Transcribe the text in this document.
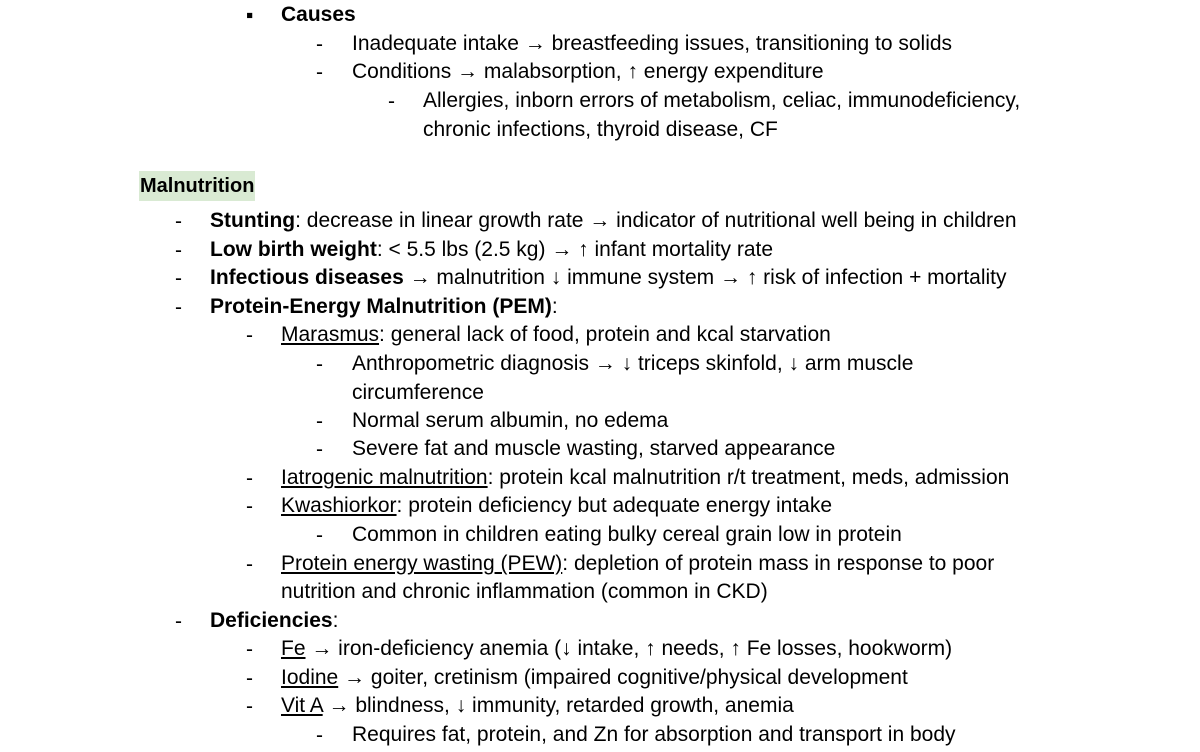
▪ Causes
- Inadequate intake → breastfeeding issues, transitioning to solids
- Conditions → malabsorption, ↑ energy expenditure
- Allergies, inborn errors of metabolism, celiac, immunodeficiency,
chronic infections, thyroid disease, CF
Malnutrition
- Stunting: decrease in linear growth rate → indicator of nutritional well being in children
- Low birth weight: < 5.5 lbs (2.5 kg) → ↑ infant mortality rate
- Infectious diseases → malnutrition ↓ immune system → ↑ risk of infection + mortality
- Protein-Energy Malnutrition (PEM):
- Marasmus: general lack of food, protein and kcal starvation
- Anthropometric diagnosis → ↓ triceps skinfold, ↓ arm muscle
circumference
- Normal serum albumin, no edema
- Severe fat and muscle wasting, starved appearance
- Iatrogenic malnutrition: protein kcal malnutrition r/t treatment, meds, admission
- Kwashiorkor: protein deficiency but adequate energy intake
- Common in children eating bulky cereal grain low in protein
- Protein energy wasting (PEW): depletion of protein mass in response to poor
nutrition and chronic inflammation (common in CKD)
- Deficiencies:
- Fe → iron-deficiency anemia (↓ intake, ↑ needs, ↑ Fe losses, hookworm)
- Iodine → goiter, cretinism (impaired cognitive/physical development
- Vit A → blindness, ↓ immunity, retarded growth, anemia
- Requires fat, protein, and Zn for absorption and transport in body
